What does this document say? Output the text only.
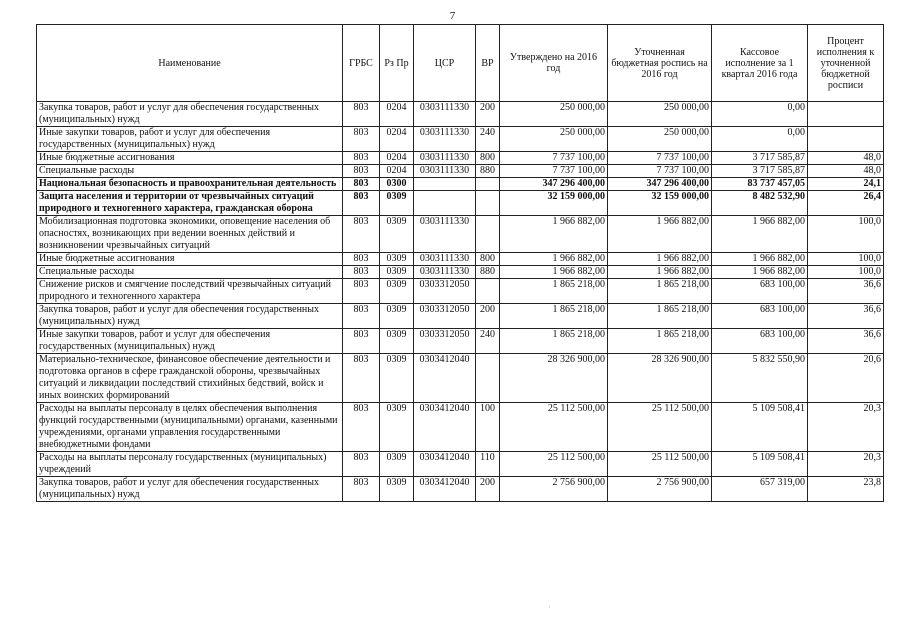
7
Наименование	ГРБС	Рз Пр	ЦСР	ВР	Утверждено на 2016 год	Уточненная бюджетная роспись на 2016 год	Кассовое исполнение за 1 квартал 2016 года	Процент исполнения к уточненной бюджетной росписи
Закупка товаров, работ и услуг для обеспечения государственных (муниципальных) нужд	803	0204	0303111330	200	250 000,00	250 000,00	0,00	
Иные закупки товаров, работ и услуг для обеспечения государственных (муниципальных) нужд	803	0204	0303111330	240	250 000,00	250 000,00	0,00	
Иные бюджетные ассигнования	803	0204	0303111330	800	7 737 100,00	7 737 100,00	3 717 585,87	48,0
Специальные расходы	803	0204	0303111330	880	7 737 100,00	7 737 100,00	3 717 585,87	48,0
Национальная безопасность и правоохранительная деятельность	803	0300			347 296 400,00	347 296 400,00	83 737 457,05	24,1
Защита населения и территории от чрезвычайных ситуаций природного и техногенного характера, гражданская оборона	803	0309			32 159 000,00	32 159 000,00	8 482 532,90	26,4
Мобилизационная подготовка экономики, оповещение населения об опасностях, возникающих при ведении военных действий и возникновении чрезвычайных ситуаций	803	0309	0303111330		1 966 882,00	1 966 882,00	1 966 882,00	100,0
Иные бюджетные ассигнования	803	0309	0303111330	800	1 966 882,00	1 966 882,00	1 966 882,00	100,0
Специальные расходы	803	0309	0303111330	880	1 966 882,00	1 966 882,00	1 966 882,00	100,0
Снижение рисков и смягчение последствий чрезвычайных ситуаций природного и техногенного характера	803	0309	0303312050		1 865 218,00	1 865 218,00	683 100,00	36,6
Закупка товаров, работ и услуг для обеспечения государственных (муниципальных) нужд	803	0309	0303312050	200	1 865 218,00	1 865 218,00	683 100,00	36,6
Иные закупки товаров, работ и услуг для обеспечения государственных (муниципальных) нужд	803	0309	0303312050	240	1 865 218,00	1 865 218,00	683 100,00	36,6
Материально-техническое, финансовое обеспечение деятельности и подготовка органов в сфере гражданской обороны, чрезвычайных ситуаций и ликвидации последствий стихийных бедствий, войск и иных воинских формирований	803	0309	0303412040		28 326 900,00	28 326 900,00	5 832 550,90	20,6
Расходы на выплаты персоналу в целях обеспечения выполнения функций государственными (муниципальными) органами, казенными учреждениями, органами управления государственными внебюджетными фондами	803	0309	0303412040	100	25 112 500,00	25 112 500,00	5 109 508,41	20,3
Расходы на выплаты персоналу государственных (муниципальных) учреждений	803	0309	0303412040	110	25 112 500,00	25 112 500,00	5 109 508,41	20,3
Закупка товаров, работ и услуг для обеспечения государственных (муниципальных) нужд	803	0309	0303412040	200	2 756 900,00	2 756 900,00	657 319,00	23,8
·
